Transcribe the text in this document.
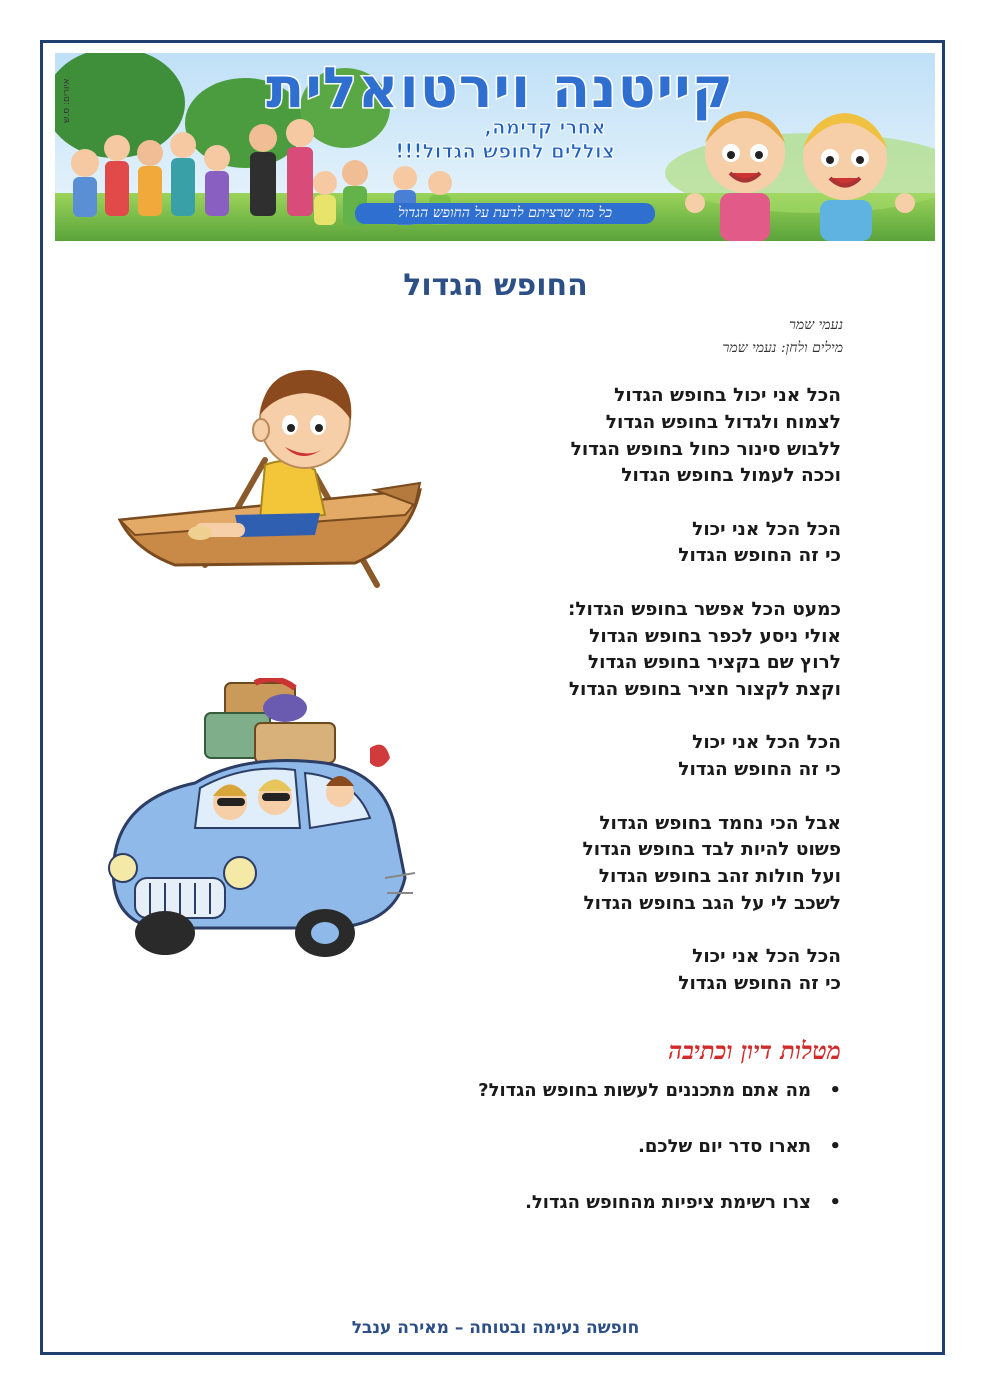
איורים: ס.ש	קייטנה וירטואלית
אחרי קדימה,
צוללים לחופש הגדול!!!
כל מה שרציתם לדעת על החופש הגדול
החופש הגדול
נעמי שמר
מילים ולחן: נעמי שמר
הכל אני יכול בחופש הגדול
לצמוח ולגדול בחופש הגדול
ללבוש סינור כחול בחופש הגדול
וככה לעמול בחופש הגדול
הכל הכל אני יכול
כי זה החופש הגדול
כמעט הכל אפשר בחופש הגדול:
אולי ניסע לכפר בחופש הגדול
לרוץ שם בקציר בחופש הגדול
וקצת לקצור חציר בחופש הגדול
הכל הכל אני יכול
כי זה החופש הגדול
אבל הכי נחמד בחופש הגדול
פשוט להיות לבד בחופש הגדול
ועל חולות זהב בחופש הגדול
לשכב לי על הגב בחופש הגדול
הכל הכל אני יכול
כי זה החופש הגדול
מטלות דיון וכתיבה
•
מה אתם מתכננים לעשות בחופש הגדול?
•
תארו סדר יום שלכם.
•
צרו רשימת ציפיות מהחופש הגדול.
חופשה נעימה ובטוחה – מאירה ענבל
